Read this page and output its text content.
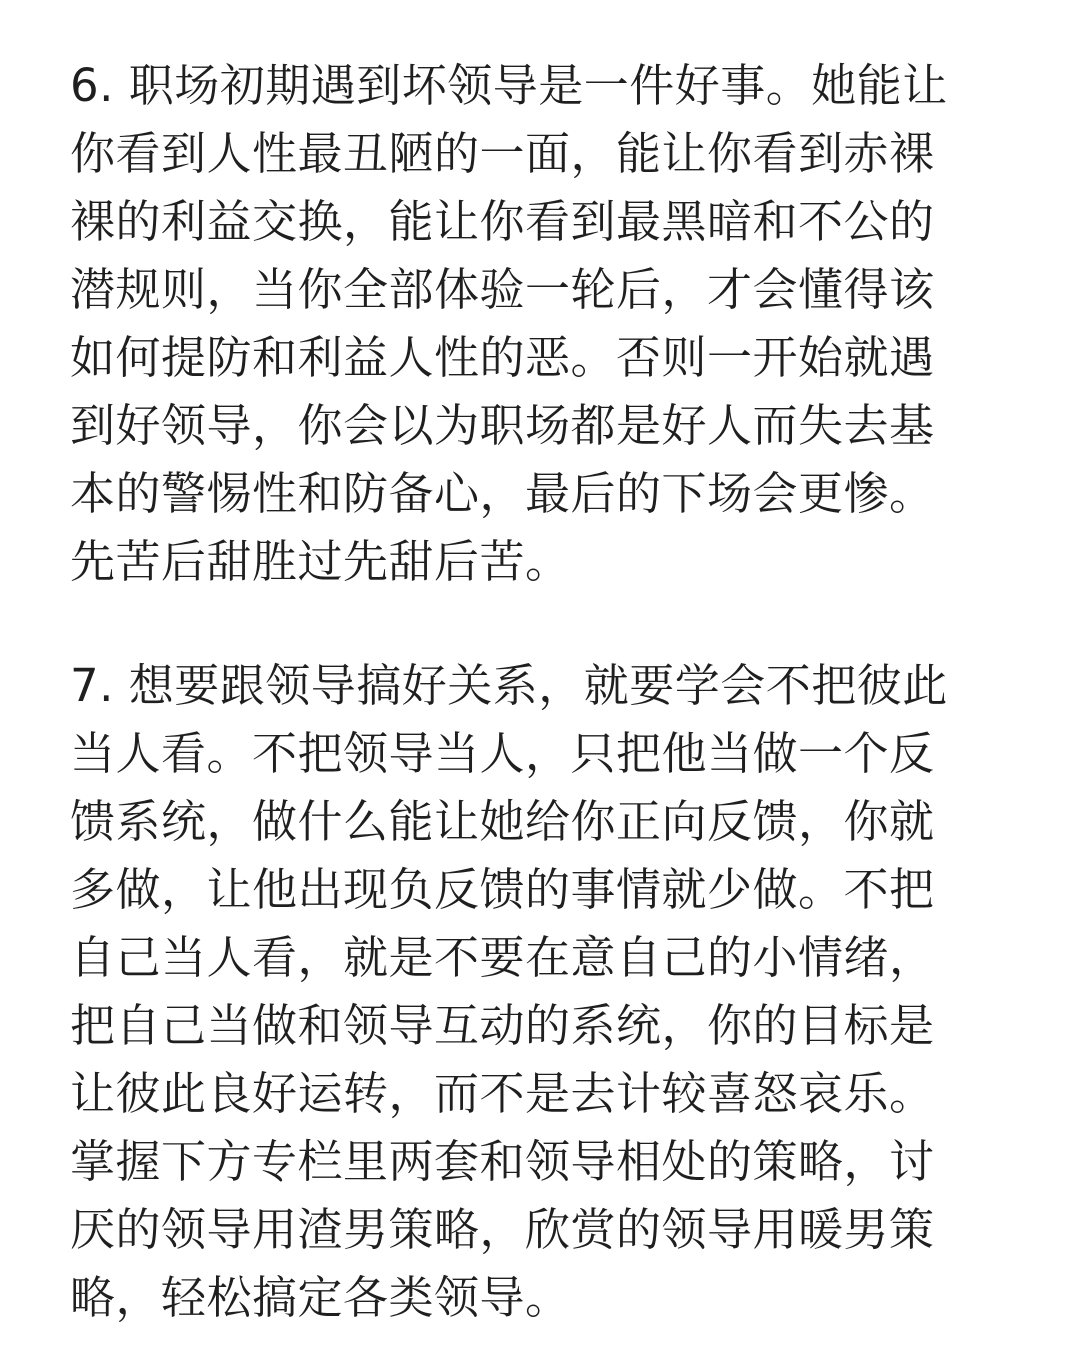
6. 职场初期遇到坏领导是一件好事。她能让
你看到人性最丑陋的一面，能让你看到赤裸
裸的利益交换，能让你看到最黑暗和不公的
潜规则，当你全部体验一轮后，才会懂得该
如何提防和利益人性的恶。否则一开始就遇
到好领导，你会以为职场都是好人而失去基
本的警惕性和防备心，最后的下场会更惨。
先苦后甜胜过先甜后苦。
7. 想要跟领导搞好关系，就要学会不把彼此
当人看。不把领导当人，只把他当做一个反
馈系统，做什么能让她给你正向反馈，你就
多做，让他出现负反馈的事情就少做。不把
自己当人看，就是不要在意自己的小情绪，
把自己当做和领导互动的系统，你的目标是
让彼此良好运转，而不是去计较喜怒哀乐。
掌握下方专栏里两套和领导相处的策略，讨
厌的领导用渣男策略，欣赏的领导用暖男策
略，轻松搞定各类领导。
